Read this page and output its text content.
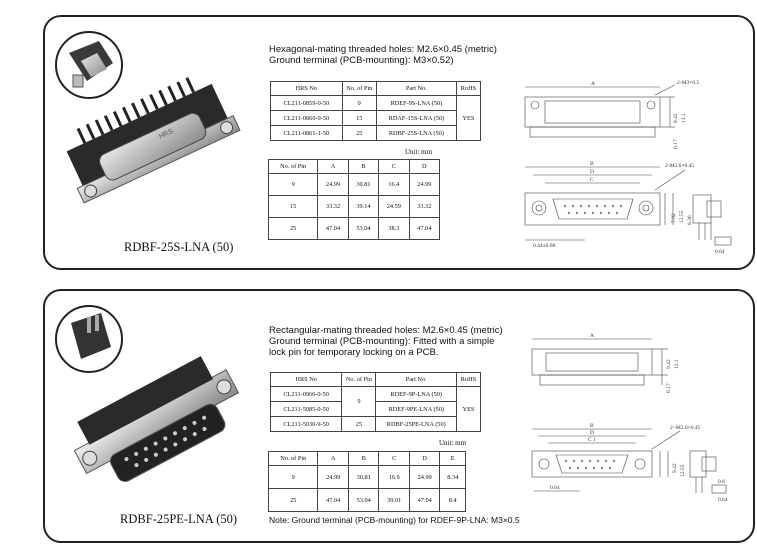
HRS
RDBF-25S-LNA (50)
Hexagonal-mating threaded holes: M2.6×0.45 (metric)
Ground terminal (PCB-mounting): M3×0.52)
HRS No	No. of Pin	Part No.	RoHS
CL211-0859-0-50	9	RDEF-9S-LNA (50)	YES
CL211-0860-9-50	15	RDAF-15S-LNA (50)	
CL211-0861-1-50	25	RDBF-25S-LNA (50)	
Unit: mm
No. of Pin	A	B	C	D
9	24.99	30.81	16.4	24.99
15	33.32	39.14	24.59	33.32
25	47.04	53.04	38.3	47.04
A	2-M3×0.5
B
D
C
2-M2.6×0.45
0.44±0.08
0.64
8.42 13.1
6.17
7.92 12.55 8.36
RDBF-25PE-LNA (50)
Rectangular-mating threaded holes: M2.6×0.45 (metric)
Ground terminal (PCB-mounting): Fitted with a simple
lock pin for temporary locking on a PCB.
HRS No	No. of Pin	Part No.	RoHS
CL211-0966-0-50	9	RDEF-9P-LNA (50)	YES
CL211-5085-0-50		RDEF-9PE-LNA (50)	
CL211-5030-9-50	25	RDBF-25PE-LNA (50)	
Unit: mm
No. of Pin	A	B	C	D	E
9	24.99	30.81	16.9	24.99	8.34
25	47.04	53.04	39.01	47.04	8.4
Note: Ground terminal (PCB-mounting) for RDEF-9P-LNA: M3×0.5
A
B
D
C 1
2−M2.6×0.45
0.64
0.6
0.64
9.42 13.1
6.17
9.42 12.55
